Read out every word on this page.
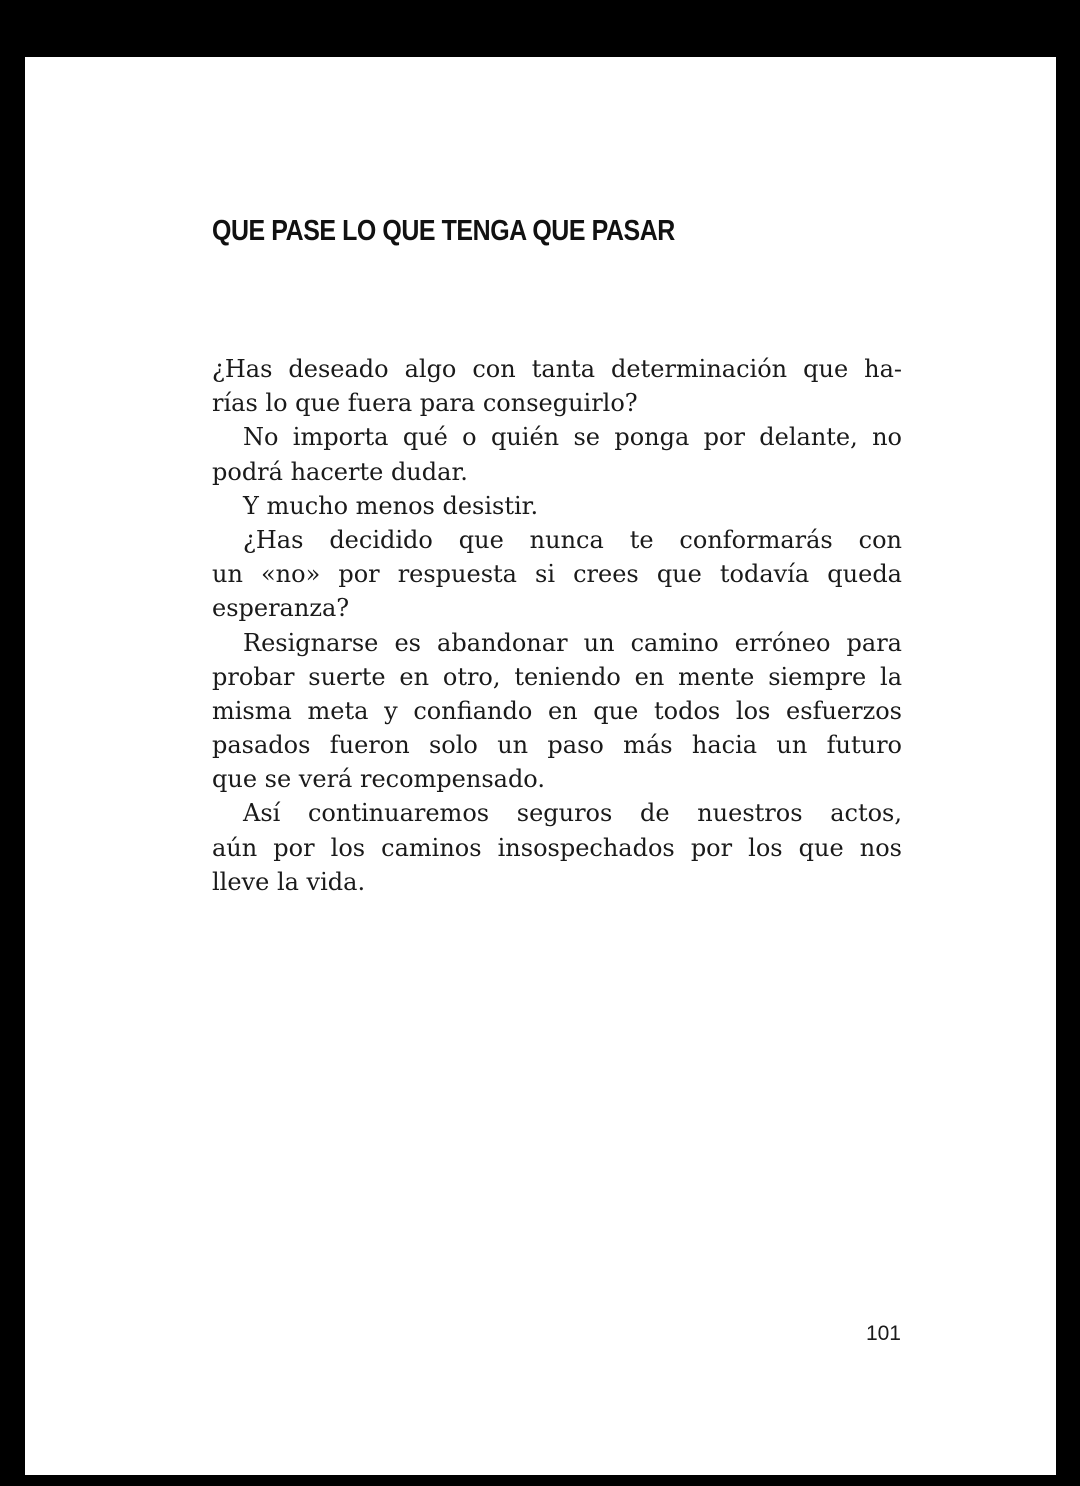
QUE PASE LO QUE TENGA QUE PASAR
¿Has deseado algo con tanta determinación que ha-
rías lo que fuera para conseguirlo?
No importa qué o quién se ponga por delante, no
podrá hacerte dudar.
Y mucho menos desistir.
¿Has decidido que nunca te conformarás con
un «no» por respuesta si crees que todavía queda
esperanza?
Resignarse es abandonar un camino erróneo para
probar suerte en otro, teniendo en mente siempre la
misma meta y confiando en que todos los esfuerzos
pasados fueron solo un paso más hacia un futuro
que se verá recompensado.
Así continuaremos seguros de nuestros actos,
aún por los caminos insospechados por los que nos
lleve la vida.
101
